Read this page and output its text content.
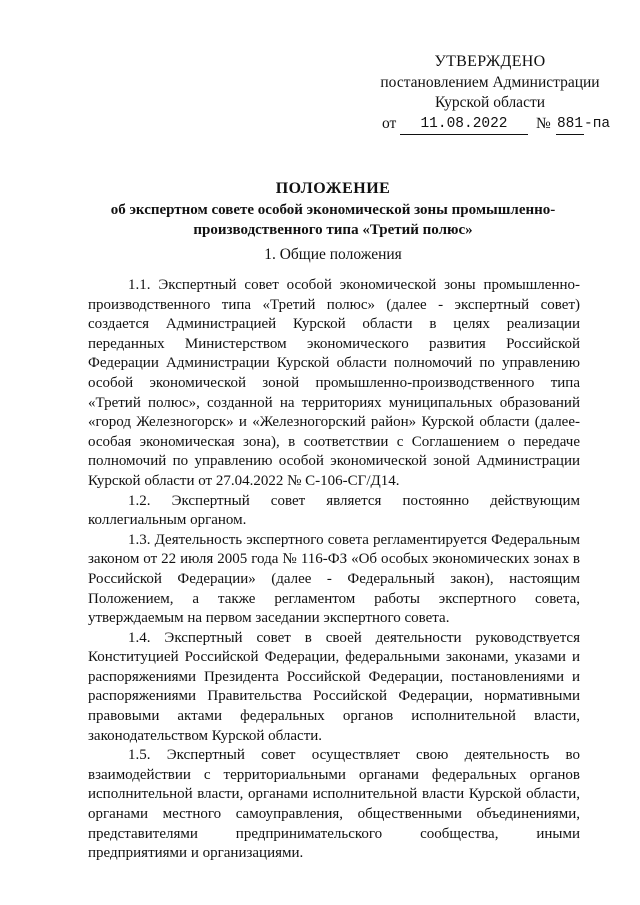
УТВЕРЖДЕНО
постановлением Администрации
Курской области
от	11.08.2022	№ 881 -па
ПОЛОЖЕНИЕ
об экспертном совете особой экономической зоны промышленно-
производственного типа «Третий полюс»
1. Общие положения

1.1. Экспертный совет особой экономической зоны промышленно-производственного типа «Третий полюс» (далее - экспертный совет) создается Администрацией Курской области в целях реализации переданных Министерством экономического развития Российской Федерации Администрации Курской области полномочий по управлению особой экономической зоной промышленно-производственного типа «Третий полюс», созданной на территориях муниципальных образований «город Железногорск» и «Железногорский район» Курской области (далее-особая экономическая зона), в соответствии с Соглашением о передаче полномочий по управлению особой экономической зоной Администрации Курской области от 27.04.2022 № С-106-СГ/Д14.

1.2. Экспертный совет является постоянно действующим коллегиальным органом.

1.3. Деятельность экспертного совета регламентируется Федеральным законом от 22 июля 2005 года № 116-ФЗ «Об особых экономических зонах в Российской Федерации» (далее - Федеральный закон), настоящим Положением, а также регламентом работы экспертного совета, утверждаемым на первом заседании экспертного совета.

1.4. Экспертный совет в своей деятельности руководствуется Конституцией Российской Федерации, федеральными законами, указами и распоряжениями Президента Российской Федерации, постановлениями и распоряжениями Правительства Российской Федерации, нормативными правовыми актами федеральных органов исполнительной власти, законодательством Курской области.

1.5. Экспертный совет осуществляет свою деятельность во взаимодействии с территориальными органами федеральных органов исполнительной власти, органами исполнительной власти Курской области, органами местного самоуправления, общественными объединениями, представителями предпринимательского сообщества, иными предприятиями и организациями.
